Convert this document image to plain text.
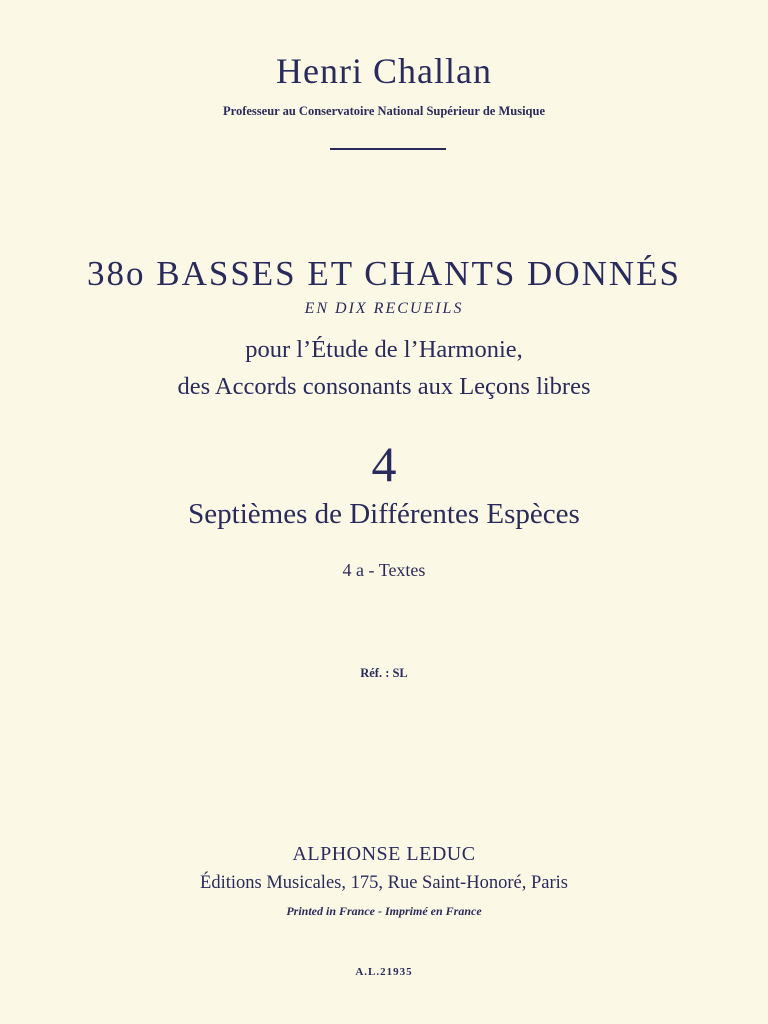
Henri Challan
Professeur au Conservatoire National Supérieur de Musique
38o BASSES ET CHANTS DONNÉS
EN DIX RECUEILS
pour l’Étude de l’Harmonie,
des Accords consonants aux Leçons libres
4
Septièmes de Différentes Espèces
4 a - Textes
Réf. : SL
ALPHONSE LEDUC
Éditions Musicales, 175, Rue Saint-Honoré, Paris
Printed in France - Imprimé en France
A.L.21935
